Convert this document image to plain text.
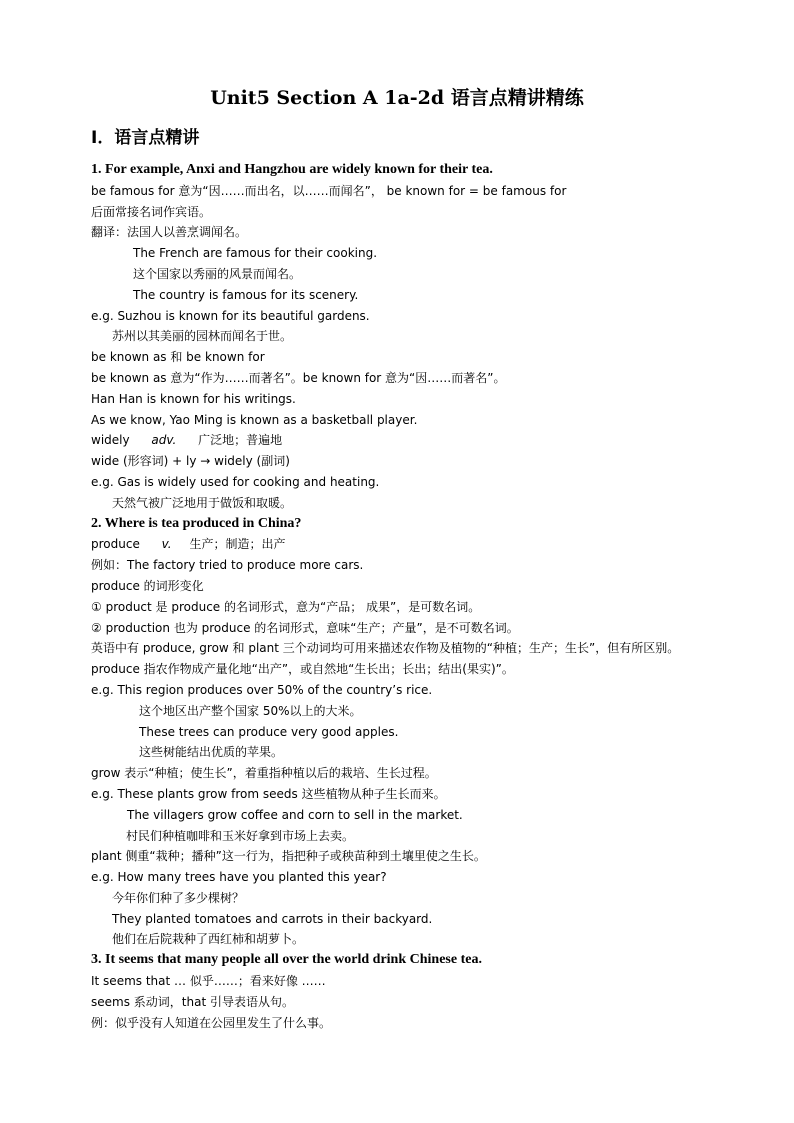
Unit5 Section A 1a-2d 语言点精讲精练
I．语言点精讲
1. For example, Anxi and Hangzhou are widely known for their tea.
be famous for 意为“因……而出名，以……而闻名”， be known for = be famous for
后面常接名词作宾语。
翻译：法国人以善烹调闻名。
The French are famous for their cooking.
这个国家以秀丽的风景而闻名。
The country is famous for its scenery.
e.g. Suzhou is known for its beautiful gardens.
苏州以其美丽的园林而闻名于世。
be known as 和 be known for
be known as 意为“作为……而著名”。be known for 意为“因……而著名”。
Han Han is known for his writings.
As we know, Yao Ming is known as a basketball player.
widely adv. 广泛地；普遍地
wide (形容词) + ly → widely (副词)
e.g. Gas is widely used for cooking and heating.
天然气被广泛地用于做饭和取暖。
2. Where is tea produced in China?
produce v. 生产；制造；出产
例如：The factory tried to produce more cars.
produce 的词形变化
① product 是 produce 的名词形式，意为“产品； 成果”，是可数名词。
② production 也为 produce 的名词形式，意味“生产；产量”，是不可数名词。
英语中有 produce, grow 和 plant 三个动词均可用来描述农作物及植物的“种植；生产；生长”，但有所区别。
produce 指农作物成产量化地“出产”，或自然地“生长出；长出；结出(果实)”。
e.g. This region produces over 50% of the country’s rice.
这个地区出产整个国家 50%以上的大米。
These trees can produce very good apples.
这些树能结出优质的苹果。
grow 表示“种植；使生长”，着重指种植以后的栽培、生长过程。
e.g. These plants grow from seeds 这些植物从种子生长而来。
The villagers grow coffee and corn to sell in the market.
村民们种植咖啡和玉米好拿到市场上去卖。
plant 侧重“栽种；播种”这一行为，指把种子或秧苗种到土壤里使之生长。
e.g. How many trees have you planted this year?
今年你们种了多少棵树？
They planted tomatoes and carrots in their backyard.
他们在后院栽种了西红柿和胡萝卜。
3. It seems that many people all over the world drink Chinese tea.
It seems that … 似乎……；看来好像 ……
seems 系动词，that 引导表语从句。
例：似乎没有人知道在公园里发生了什么事。
